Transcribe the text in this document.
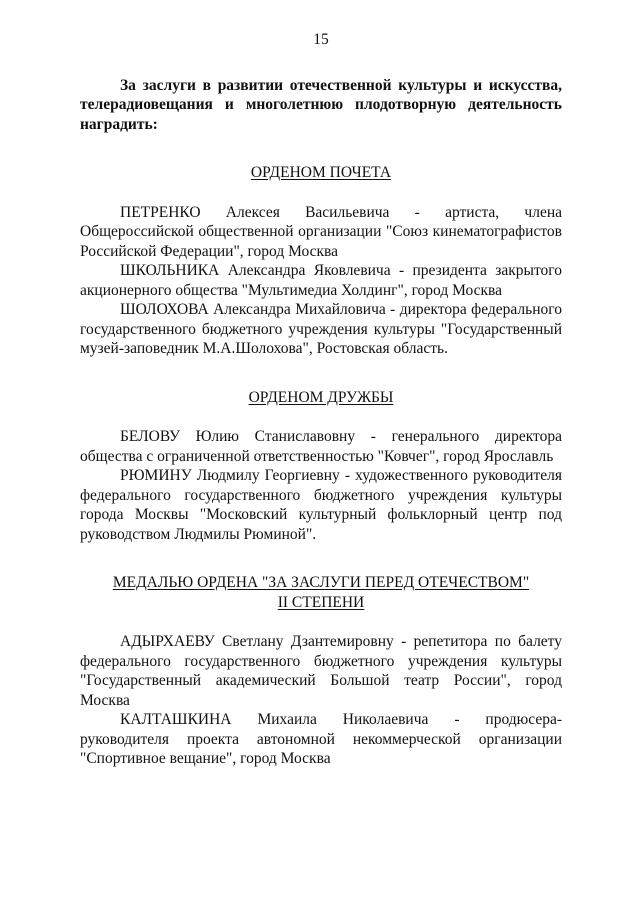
15

За заслуги в развитии отечественной культуры и искусства, телерадиовещания и многолетнюю плодотворную деятельность наградить:

ОРДЕНОМ ПОЧЕТА

ПЕТРЕНКО Алексея Васильевича - артиста, члена Общероссийской общественной организации "Союз кинематографистов Российской Федерации", город Москва

ШКОЛЬНИКА Александра Яковлевича - президента закрытого акционерного общества "Мультимедиа Холдинг", город Москва

ШОЛОХОВА Александра Михайловича - директора федерального государственного бюджетного учреждения культуры "Государственный музей-заповедник М.А.Шолохова", Ростовская область.

ОРДЕНОМ ДРУЖБЫ

БЕЛОВУ Юлию Станиславовну - генерального директора общества с ограниченной ответственностью "Ковчег", город Ярославль

РЮМИНУ Людмилу Георгиевну - художественного руководителя федерального государственного бюджетного учреждения культуры города Москвы "Московский культурный фольклорный центр под руководством Людмилы Рюминой".

МЕДАЛЬЮ ОРДЕНА "ЗА ЗАСЛУГИ ПЕРЕД ОТЕЧЕСТВОМ"
II СТЕПЕНИ

АДЫРХАЕВУ Светлану Дзантемировну - репетитора по балету федерального государственного бюджетного учреждения культуры "Государственный академический Большой театр России", город Москва

КАЛТАШКИНА Михаила Николаевича - продюсера-руководителя проекта автономной некоммерческой организации "Спортивное вещание", город Москва
